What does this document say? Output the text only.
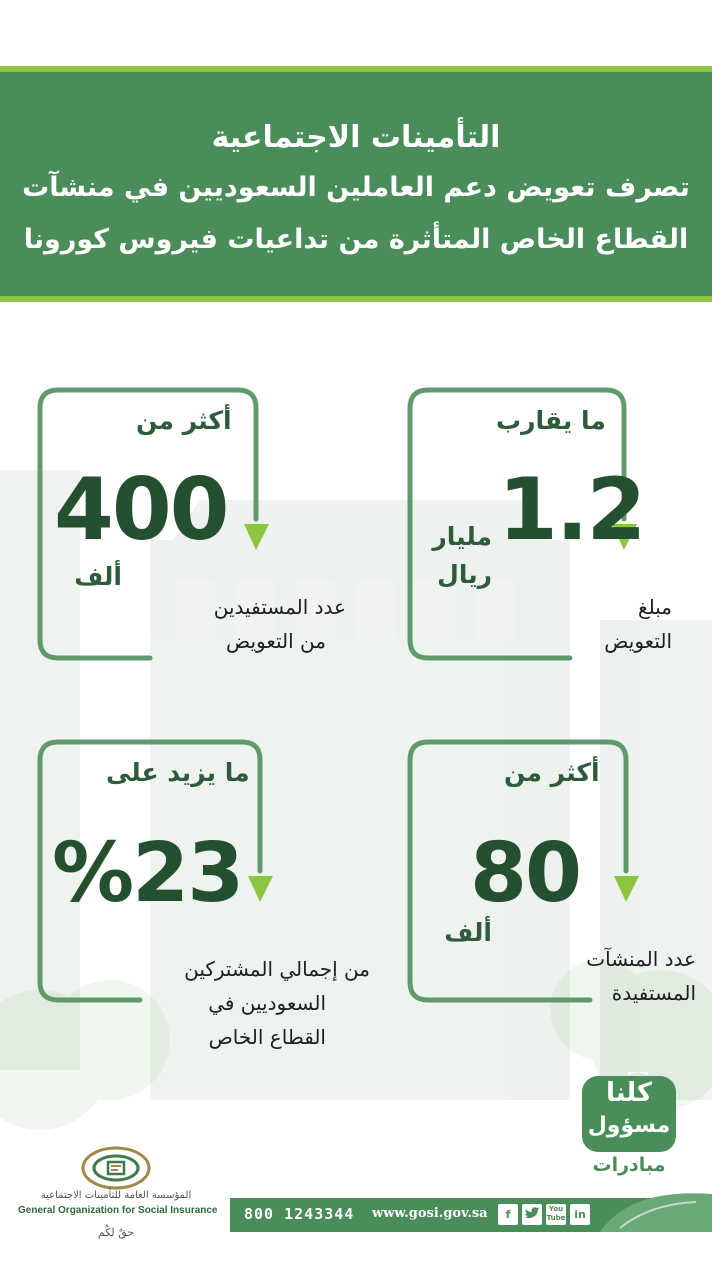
التأمينات الاجتماعية
تصرف تعويض دعم العاملين السعوديين في منشآت
القطاع الخاص المتأثرة من تداعيات فيروس كورونا
ما يقارب
1.2
مليار
ريال
مبلغ
التعويض
أكثر من
400
ألف
عدد المستفيدين
من التعويض
أكثر من
80
ألف
عدد المنشآت
المستفيدة
ما يزيد على
%23
من إجمالي المشتركين
السعوديين في
القطاع الخاص
كلنا
مسؤول
مبادرات
المؤسسة العامة للتأمينات الاجتماعية
General Organization for Social Insurance
حقٌ لكُم
800 1243344 www.gosi.gov.sa	f	You Tube in
